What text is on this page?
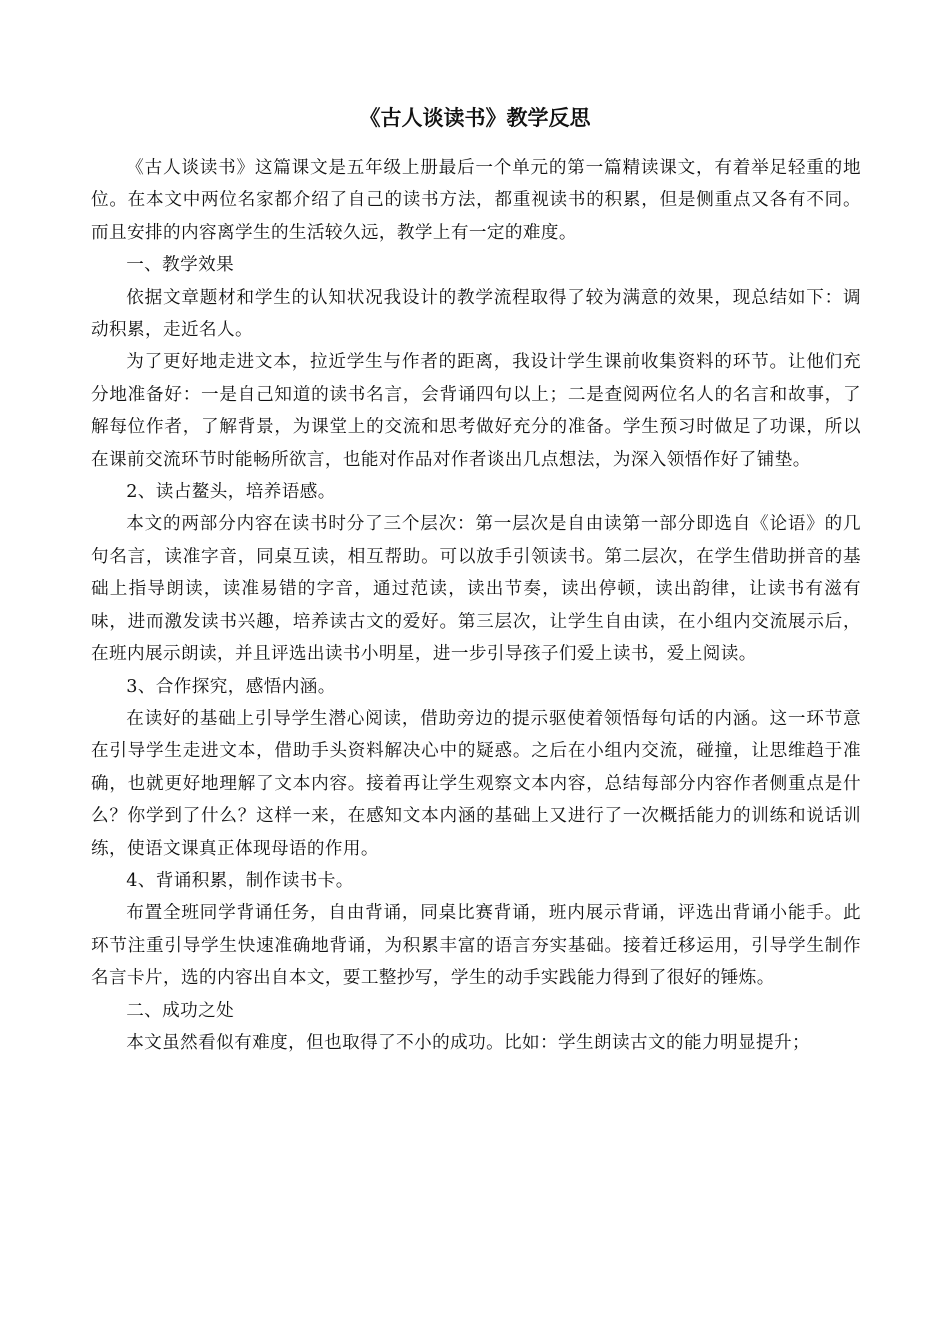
《古人谈读书》教学反思

《古人谈读书》这篇课文是五年级上册最后一个单元的第一篇精读课文，有着举足轻重的地位。在本文中两位名家都介绍了自己的读书方法，都重视读书的积累，但是侧重点又各有不同。而且安排的内容离学生的生活较久远，教学上有一定的难度。

一、教学效果

依据文章题材和学生的认知状况我设计的教学流程取得了较为满意的效果，现总结如下：调动积累，走近名人。

为了更好地走进文本，拉近学生与作者的距离，我设计学生课前收集资料的环节。让他们充分地准备好：一是自己知道的读书名言，会背诵四句以上；二是查阅两位名人的名言和故事，了解每位作者，了解背景，为课堂上的交流和思考做好充分的准备。学生预习时做足了功课，所以在课前交流环节时能畅所欲言，也能对作品对作者谈出几点想法，为深入领悟作好了铺垫。

2、读占鳌头，培养语感。

本文的两部分内容在读书时分了三个层次：第一层次是自由读第一部分即选自《论语》的几句名言，读准字音，同桌互读，相互帮助。可以放手引领读书。第二层次，在学生借助拼音的基础上指导朗读，读准易错的字音，通过范读，读出节奏，读出停顿，读出韵律，让读书有滋有味，进而激发读书兴趣，培养读古文的爱好。第三层次，让学生自由读，在小组内交流展示后，在班内展示朗读，并且评选出读书小明星，进一步引导孩子们爱上读书，爱上阅读。

3、合作探究，感悟内涵。

在读好的基础上引导学生潜心阅读，借助旁边的提示驱使着领悟每句话的内涵。这一环节意在引导学生走进文本，借助手头资料解决心中的疑惑。之后在小组内交流，碰撞，让思维趋于准确，也就更好地理解了文本内容。接着再让学生观察文本内容，总结每部分内容作者侧重点是什么？你学到了什么？这样一来，在感知文本内涵的基础上又进行了一次概括能力的训练和说话训练，使语文课真正体现母语的作用。

4、背诵积累，制作读书卡。

布置全班同学背诵任务，自由背诵，同桌比赛背诵，班内展示背诵，评选出背诵小能手。此环节注重引导学生快速准确地背诵，为积累丰富的语言夯实基础。接着迁移运用，引导学生制作名言卡片，选的内容出自本文，要工整抄写，学生的动手实践能力得到了很好的锤炼。

二、成功之处

本文虽然看似有难度，但也取得了不小的成功。比如：学生朗读古文的能力明显提升；
